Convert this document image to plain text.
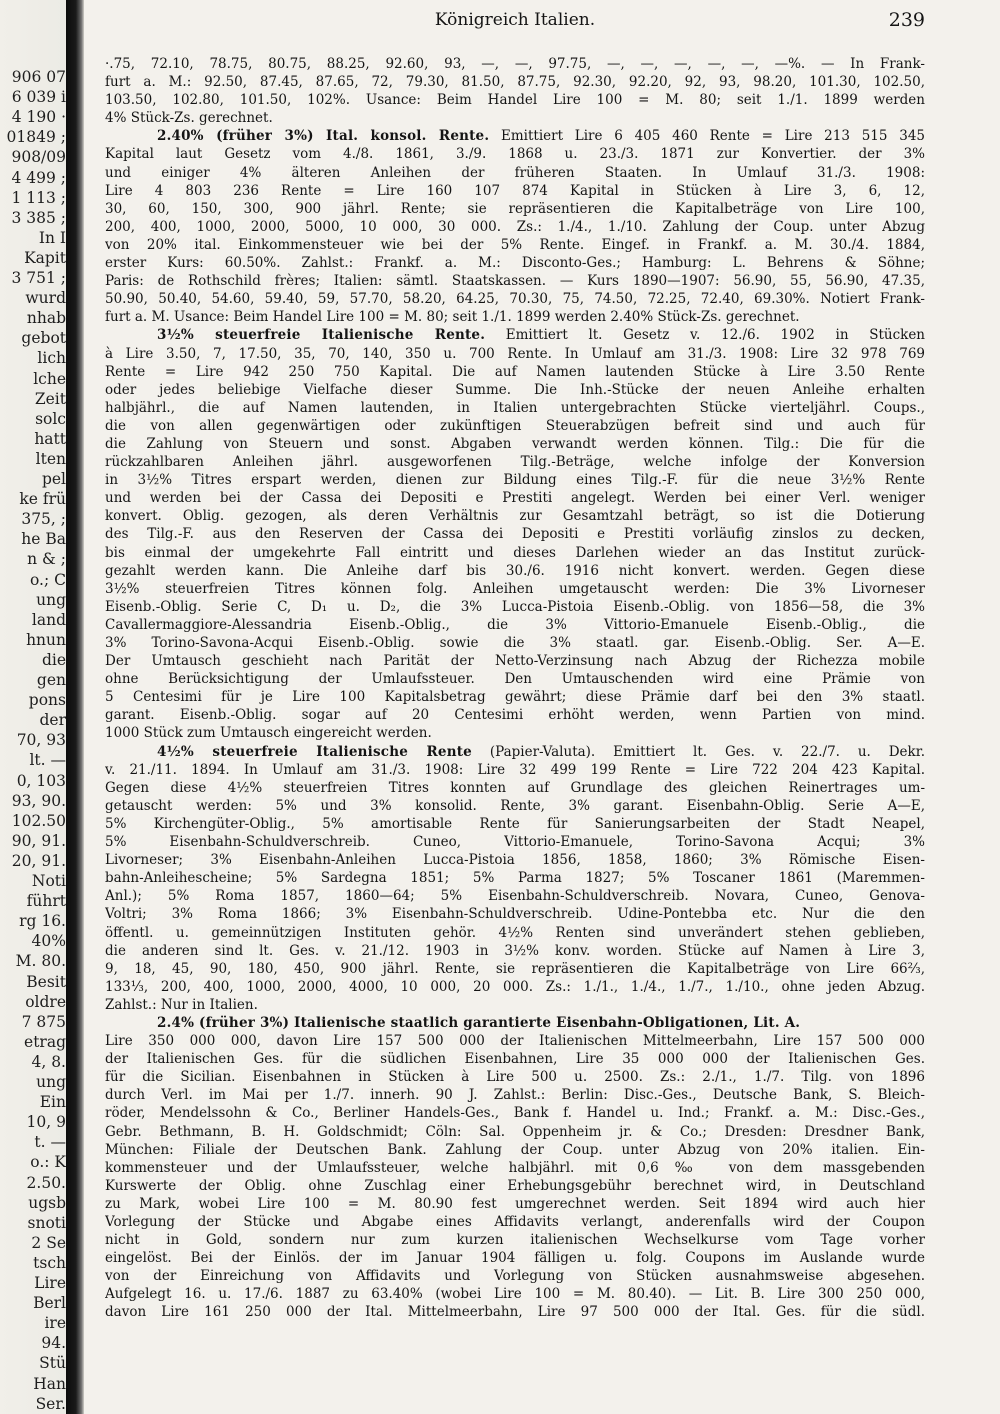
906 07
6 039 i
4 190 ·
01849 ;
908/09
4 499 ;
1 113 ;
3 385 ;
In I
Kapit
3 751 ;
wurd
nhab
gebot
lich
lche
Zeit
solc
hatt
lten
pel
ke frü
375, ;
he Ba
n & ;
o.; C
ung
land
hnun
die
gen
pons
der
70, 93
lt. —
0, 103
93, 90.
102.50
90, 91.
20, 91.
Noti
führt
rg 16.
40%
M. 80.
Besit
oldre
7 875
etrag
4, 8.
ung
Ein
10, 9
t. —
o.: K
2.50.
ugsb
snoti
2 Se
tsch
Lire
Berl
ire
94.
Stü
Han
Ser.
Königreich Italien.	239
·.75, 72.10, 78.75, 80.75, 88.25, 92.60, 93, —, —, 97.75, —, —, —, —, —, —%. — In Frank-
furt a. M.: 92.50, 87.45, 87.65, 72, 79.30, 81.50, 87.75, 92.30, 92.20, 92, 93, 98.20, 101.30, 102.50,
103.50, 102.80, 101.50, 102%. Usance: Beim Handel Lire 100 = M. 80; seit 1./1. 1899 werden
4% Stück-Zs. gerechnet.
2.40% (früher 3%) Ital. konsol. Rente. Emittiert Lire 6 405 460 Rente = Lire 213 515 345
Kapital laut Gesetz vom 4./8. 1861, 3./9. 1868 u. 23./3. 1871 zur Konvertier. der 3%
und einiger 4% älteren Anleihen der früheren Staaten. In Umlauf 31./3. 1908:
Lire 4 803 236 Rente = Lire 160 107 874 Kapital in Stücken à Lire 3, 6, 12,
30, 60, 150, 300, 900 jährl. Rente; sie repräsentieren die Kapitalbeträge von Lire 100,
200, 400, 1000, 2000, 5000, 10 000, 30 000. Zs.: 1./4., 1./10. Zahlung der Coup. unter Abzug
von 20% ital. Einkommensteuer wie bei der 5% Rente. Eingef. in Frankf. a. M. 30./4. 1884,
erster Kurs: 60.50%. Zahlst.: Frankf. a. M.: Disconto-Ges.; Hamburg: L. Behrens & Söhne;
Paris: de Rothschild frères; Italien: sämtl. Staatskassen. — Kurs 1890—1907: 56.90, 55, 56.90, 47.35,
50.90, 50.40, 54.60, 59.40, 59, 57.70, 58.20, 64.25, 70.30, 75, 74.50, 72.25, 72.40, 69.30%. Notiert Frank-
furt a. M. Usance: Beim Handel Lire 100 = M. 80; seit 1./1. 1899 werden 2.40% Stück-Zs. gerechnet.
3½% steuerfreie Italienische Rente. Emittiert lt. Gesetz v. 12./6. 1902 in Stücken
à Lire 3.50, 7, 17.50, 35, 70, 140, 350 u. 700 Rente. In Umlauf am 31./3. 1908: Lire 32 978 769
Rente = Lire 942 250 750 Kapital. Die auf Namen lautenden Stücke à Lire 3.50 Rente
oder jedes beliebige Vielfache dieser Summe. Die Inh.-Stücke der neuen Anleihe erhalten
halbjährl., die auf Namen lautenden, in Italien untergebrachten Stücke vierteljährl. Coups.,
die von allen gegenwärtigen oder zukünftigen Steuerabzügen befreit sind und auch für
die Zahlung von Steuern und sonst. Abgaben verwandt werden können. Tilg.: Die für die
rückzahlbaren Anleihen jährl. ausgeworfenen Tilg.-Beträge, welche infolge der Konversion
in 3½% Titres erspart werden, dienen zur Bildung eines Tilg.-F. für die neue 3½% Rente
und werden bei der Cassa dei Depositi e Prestiti angelegt. Werden bei einer Verl. weniger
konvert. Oblig. gezogen, als deren Verhältnis zur Gesamtzahl beträgt, so ist die Dotierung
des Tilg.-F. aus den Reserven der Cassa dei Depositi e Prestiti vorläufig zinslos zu decken,
bis einmal der umgekehrte Fall eintritt und dieses Darlehen wieder an das Institut zurück-
gezahlt werden kann. Die Anleihe darf bis 30./6. 1916 nicht konvert. werden. Gegen diese
3½% steuerfreien Titres können folg. Anleihen umgetauscht werden: Die 3% Livorneser
Eisenb.-Oblig. Serie C, D₁ u. D₂, die 3% Lucca-Pistoia Eisenb.-Oblig. von 1856—58, die 3%
Cavallermaggiore-Alessandria Eisenb.-Oblig., die 3% Vittorio-Emanuele Eisenb.-Oblig., die
3% Torino-Savona-Acqui Eisenb.-Oblig. sowie die 3% staatl. gar. Eisenb.-Oblig. Ser. A—E.
Der Umtausch geschieht nach Parität der Netto-Verzinsung nach Abzug der Richezza mobile
ohne Berücksichtigung der Umlaufssteuer. Den Umtauschenden wird eine Prämie von
5 Centesimi für je Lire 100 Kapitalsbetrag gewährt; diese Prämie darf bei den 3% staatl.
garant. Eisenb.-Oblig. sogar auf 20 Centesimi erhöht werden, wenn Partien von mind.
1000 Stück zum Umtausch eingereicht werden.
4½% steuerfreie Italienische Rente (Papier-Valuta). Emittiert lt. Ges. v. 22./7. u. Dekr.
v. 21./11. 1894. In Umlauf am 31./3. 1908: Lire 32 499 199 Rente = Lire 722 204 423 Kapital.
Gegen diese 4½% steuerfreien Titres konnten auf Grundlage des gleichen Reinertrages um-
getauscht werden: 5% und 3% konsolid. Rente, 3% garant. Eisenbahn-Oblig. Serie A—E,
5% Kirchengüter-Oblig., 5% amortisable Rente für Sanierungsarbeiten der Stadt Neapel,
5% Eisenbahn-Schuldverschreib. Cuneo, Vittorio-Emanuele, Torino-Savona Acqui; 3%
Livorneser; 3% Eisenbahn-Anleihen Lucca-Pistoia 1856, 1858, 1860; 3% Römische Eisen-
bahn-Anleihescheine; 5% Sardegna 1851; 5% Parma 1827; 5% Toscaner 1861 (Maremmen-
Anl.); 5% Roma 1857, 1860—64; 5% Eisenbahn-Schuldverschreib. Novara, Cuneo, Genova-
Voltri; 3% Roma 1866; 3% Eisenbahn-Schuldverschreib. Udine-Pontebba etc. Nur die den
öffentl. u. gemeinnützigen Instituten gehör. 4½% Renten sind unverändert stehen geblieben,
die anderen sind lt. Ges. v. 21./12. 1903 in 3½% konv. worden. Stücke auf Namen à Lire 3,
9, 18, 45, 90, 180, 450, 900 jährl. Rente, sie repräsentieren die Kapitalbeträge von Lire 66⅔,
133⅓, 200, 400, 1000, 2000, 4000, 10 000, 20 000. Zs.: 1./1., 1./4., 1./7., 1./10., ohne jeden Abzug.
Zahlst.: Nur in Italien.
2.4% (früher 3%) Italienische staatlich garantierte Eisenbahn-Obligationen, Lit. A.
Lire 350 000 000, davon Lire 157 500 000 der Italienischen Mittelmeerbahn, Lire 157 500 000
der Italienischen Ges. für die südlichen Eisenbahnen, Lire 35 000 000 der Italienischen Ges.
für die Sicilian. Eisenbahnen in Stücken à Lire 500 u. 2500. Zs.: 2./1., 1./7. Tilg. von 1896
durch Verl. im Mai per 1./7. innerh. 90 J. Zahlst.: Berlin: Disc.-Ges., Deutsche Bank, S. Bleich-
röder, Mendelssohn & Co., Berliner Handels-Ges., Bank f. Handel u. Ind.; Frankf. a. M.: Disc.-Ges.,
Gebr. Bethmann, B. H. Goldschmidt; Cöln: Sal. Oppenheim jr. & Co.; Dresden: Dresdner Bank,
München: Filiale der Deutschen Bank. Zahlung der Coup. unter Abzug von 20% italien. Ein-
kommensteuer und der Umlaufssteuer, welche halbjährl. mit 0,6‰ von dem massgebenden
Kurswerte der Oblig. ohne Zuschlag einer Erhebungsgebühr berechnet wird, in Deutschland
zu Mark, wobei Lire 100 = M. 80.90 fest umgerechnet werden. Seit 1894 wird auch hier
Vorlegung der Stücke und Abgabe eines Affidavits verlangt, anderenfalls wird der Coupon
nicht in Gold, sondern nur zum kurzen italienischen Wechselkurse vom Tage vorher
eingelöst. Bei der Einlös. der im Januar 1904 fälligen u. folg. Coupons im Auslande wurde
von der Einreichung von Affidavits und Vorlegung von Stücken ausnahmsweise abgesehen.
Aufgelegt 16. u. 17./6. 1887 zu 63.40% (wobei Lire 100 = M. 80.40). — Lit. B. Lire 300 250 000,
davon Lire 161 250 000 der Ital. Mittelmeerbahn, Lire 97 500 000 der Ital. Ges. für die südl.
